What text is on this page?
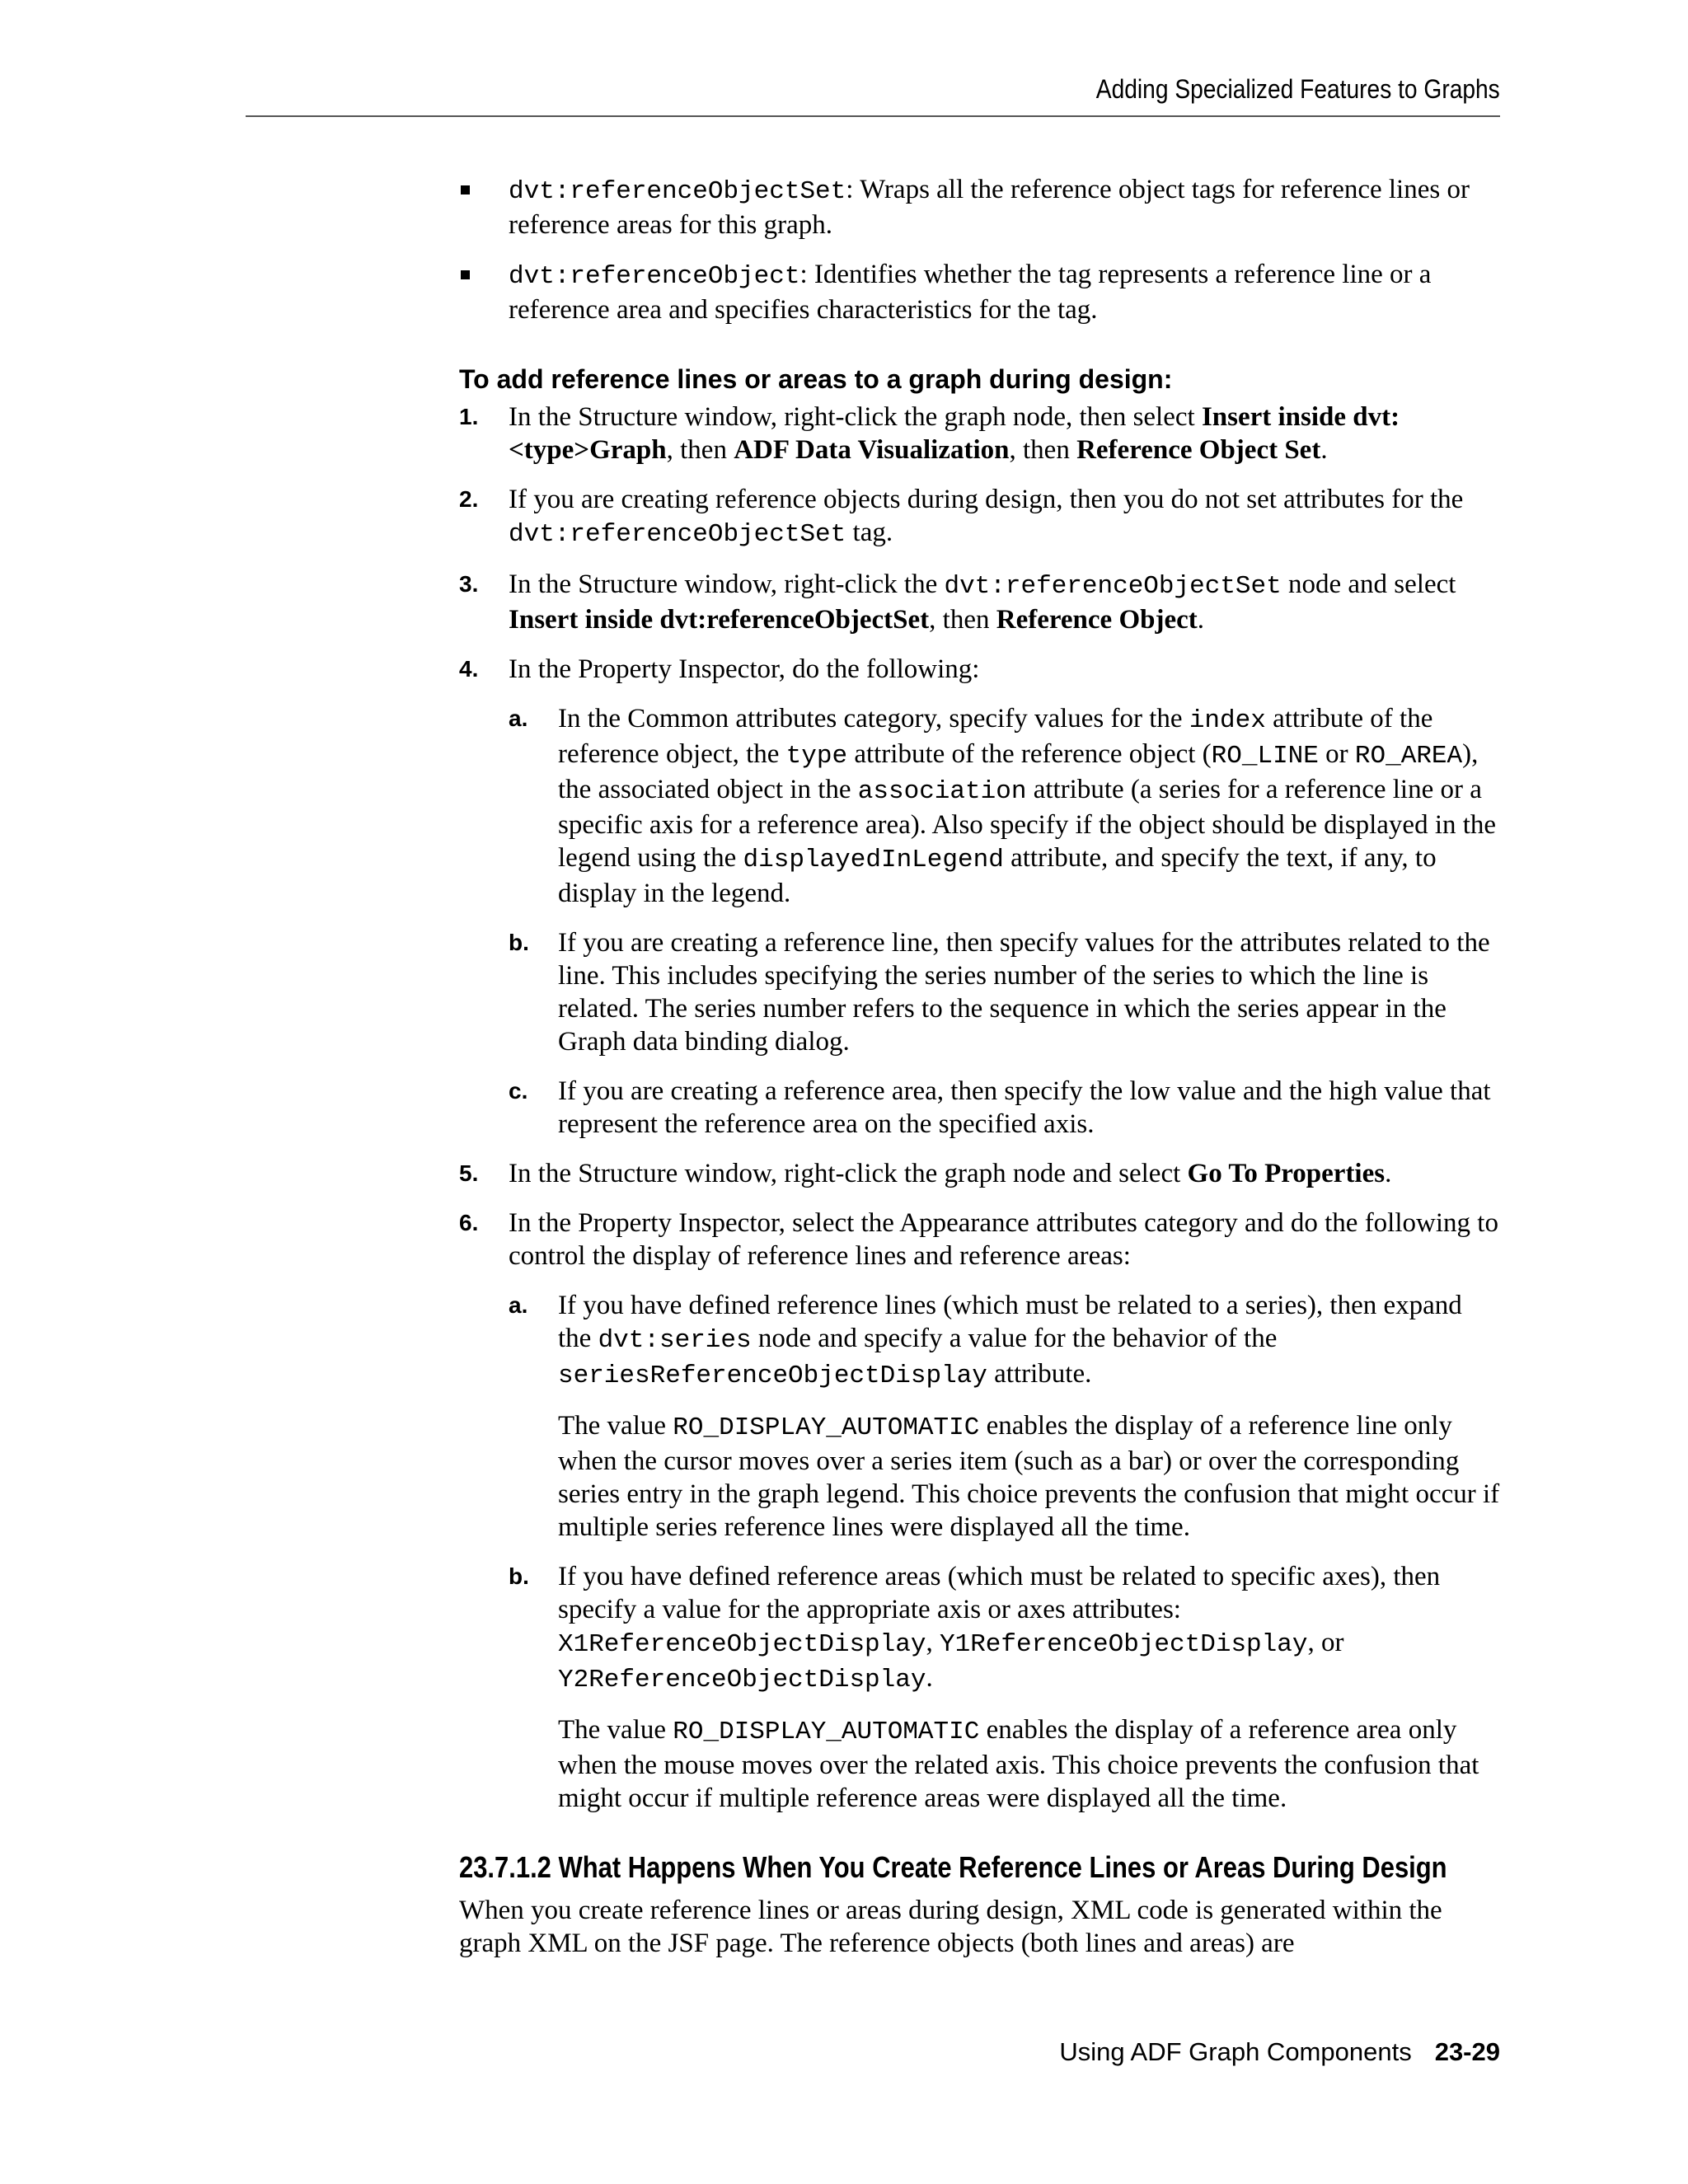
Adding Specialized Features to Graphs
dvt:referenceObjectSet: Wraps all the reference object tags for reference lines or reference areas for this graph.
dvt:referenceObject: Identifies whether the tag represents a reference line or a reference area and specifies characteristics for the tag.
To add reference lines or areas to a graph during design:
1. In the Structure window, right-click the graph node, then select Insert inside dvt:<type>Graph, then ADF Data Visualization, then Reference Object Set.
2. If you are creating reference objects during design, then you do not set attributes for the dvt:referenceObjectSet tag.
3. In the Structure window, right-click the dvt:referenceObjectSet node and select Insert inside dvt:referenceObjectSet, then Reference Object.
4. In the Property Inspector, do the following:
a. In the Common attributes category, specify values for the index attribute of the reference object, the type attribute of the reference object (RO_LINE or RO_AREA), the associated object in the association attribute (a series for a reference line or a specific axis for a reference area). Also specify if the object should be displayed in the legend using the displayedInLegend attribute, and specify the text, if any, to display in the legend.
b. If you are creating a reference line, then specify values for the attributes related to the line. This includes specifying the series number of the series to which the line is related. The series number refers to the sequence in which the series appear in the Graph data binding dialog.
c. If you are creating a reference area, then specify the low value and the high value that represent the reference area on the specified axis.
5. In the Structure window, right-click the graph node and select Go To Properties.
6. In the Property Inspector, select the Appearance attributes category and do the following to control the display of reference lines and reference areas:
a. If you have defined reference lines (which must be related to a series), then expand the dvt:series node and specify a value for the behavior of the seriesReferenceObjectDisplay attribute.
The value RO_DISPLAY_AUTOMATIC enables the display of a reference line only when the cursor moves over a series item (such as a bar) or over the corresponding series entry in the graph legend. This choice prevents the confusion that might occur if multiple series reference lines were displayed all the time.
b. If you have defined reference areas (which must be related to specific axes), then specify a value for the appropriate axis or axes attributes: X1ReferenceObjectDisplay, Y1ReferenceObjectDisplay, or Y2ReferenceObjectDisplay.
The value RO_DISPLAY_AUTOMATIC enables the display of a reference area only when the mouse moves over the related axis. This choice prevents the confusion that might occur if multiple reference areas were displayed all the time.
23.7.1.2 What Happens When You Create Reference Lines or Areas During Design

When you create reference lines or areas during design, XML code is generated within the graph XML on the JSF page. The reference objects (both lines and areas) are

Using ADF Graph Components 23-29
